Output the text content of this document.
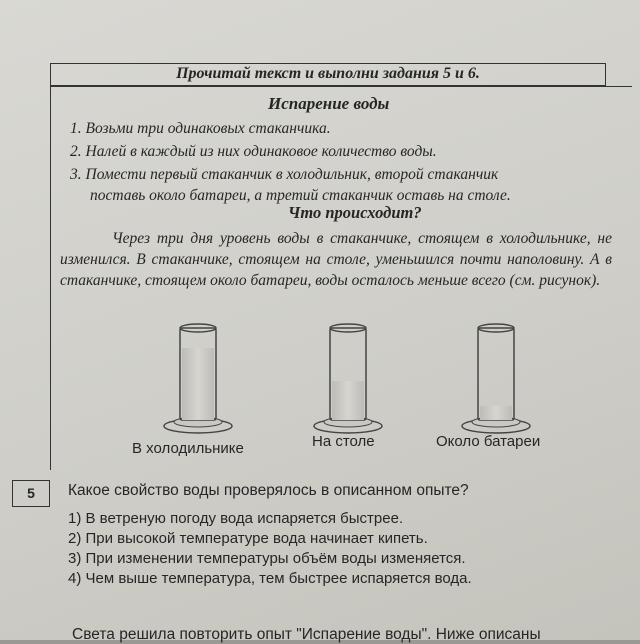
Прочитай текст и выполни задания 5 и 6.
Испарение воды
1. Возьми три одинаковых стаканчика.
2. Налей в каждый из них одинаковое количество воды.
3. Помести первый стаканчик в холодильник, второй стаканчик
поставь около батареи, а третий стаканчик оставь на столе.
Что происходит?
Через три дня уровень воды в стаканчике, стоящем в холодильнике, не изменился. В стаканчике, стоящем на столе, уменьшился почти наполовину. А в стаканчике, стоящем около батареи, воды осталось меньше всего (см. рисунок).
В холодильнике	На столе	Около батареи
5	Какое свойство воды проверялось в описанном опыте?
1) В ветреную погоду вода испаряется быстрее.
2) При высокой температуре вода начинает кипеть.
3) При изменении температуры объём воды изменяется.
4) Чем выше температура, тем быстрее испаряется вода.
Света решила повторить опыт "Испарение воды". Ниже описаны
